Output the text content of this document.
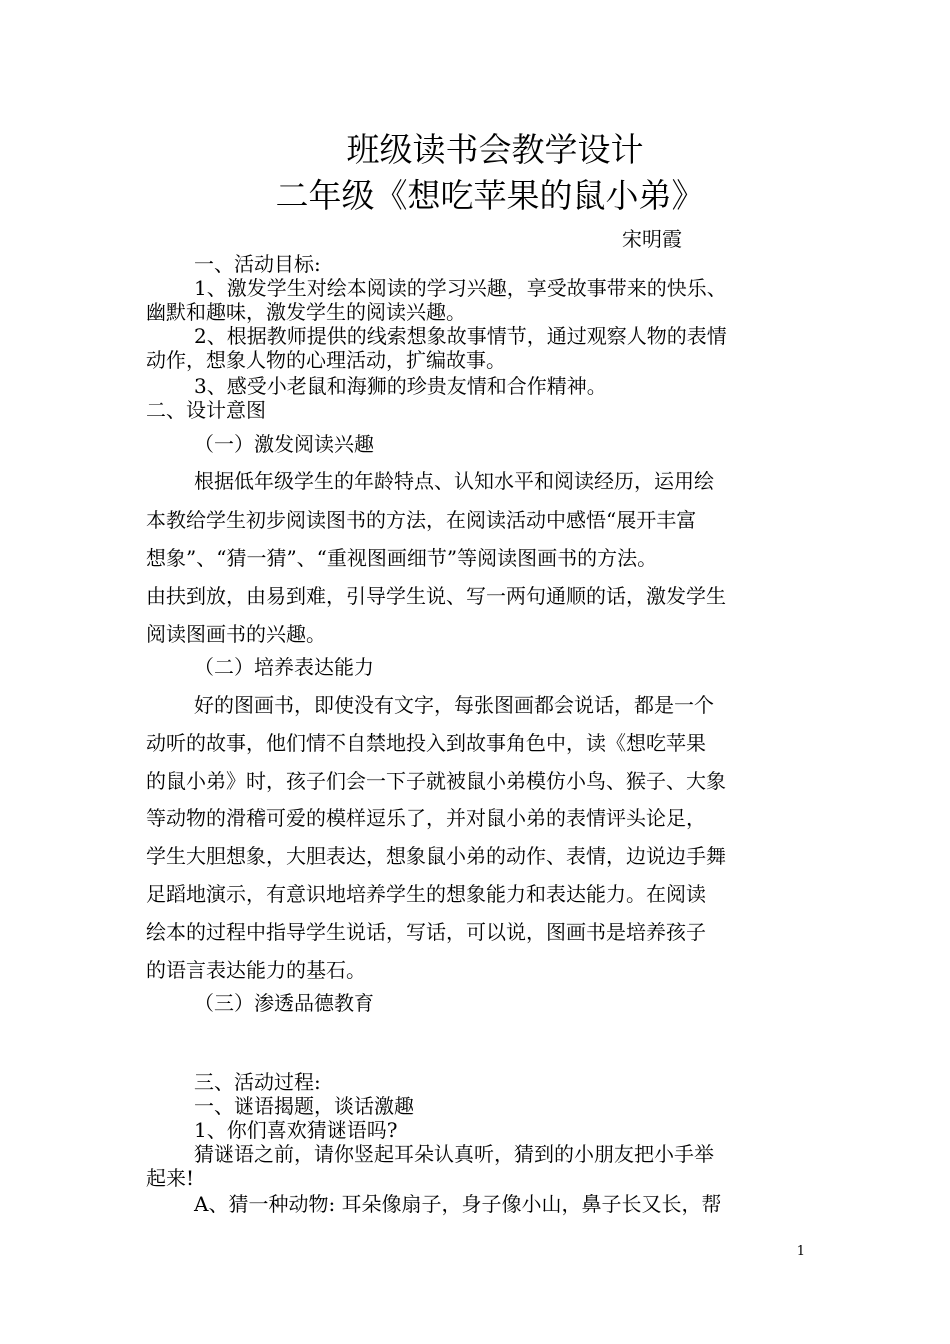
班级读书会教学设计
二年级《想吃苹果的鼠小弟》
宋明霞
一、活动目标:
1、激发学生对绘本阅读的学习兴趣，享受故事带来的快乐、
幽默和趣味，激发学生的阅读兴趣。
2、根据教师提供的线索想象故事情节，通过观察人物的表情
动作，想象人物的心理活动，扩编故事。
3、感受小老鼠和海狮的珍贵友情和合作精神。
二、设计意图
（一）激发阅读兴趣
根据低年级学生的年龄特点、认知水平和阅读经历，运用绘
本教给学生初步阅读图书的方法，在阅读活动中感悟“展开丰富
想象”、“猜一猜”、“重视图画细节”等阅读图画书的方法。
由扶到放，由易到难，引导学生说、写一两句通顺的话，激发学生
阅读图画书的兴趣。
（二）培养表达能力
好的图画书，即使没有文字，每张图画都会说话，都是一个
动听的故事，他们情不自禁地投入到故事角色中，读《想吃苹果
的鼠小弟》时，孩子们会一下子就被鼠小弟模仿小鸟、猴子、大象
等动物的滑稽可爱的模样逗乐了，并对鼠小弟的表情评头论足，
学生大胆想象，大胆表达，想象鼠小弟的动作、表情，边说边手舞
足蹈地演示，有意识地培养学生的想象能力和表达能力。在阅读
绘本的过程中指导学生说话，写话，可以说，图画书是培养孩子
的语言表达能力的基石。
（三）渗透品德教育
三、活动过程:
一、谜语揭题，谈话激趣
1、你们喜欢猜谜语吗?
猜谜语之前，请你竖起耳朵认真听，猜到的小朋友把小手举
起来!
A、猜一种动物: 耳朵像扇子，身子像小山，鼻子长又长，帮
1
